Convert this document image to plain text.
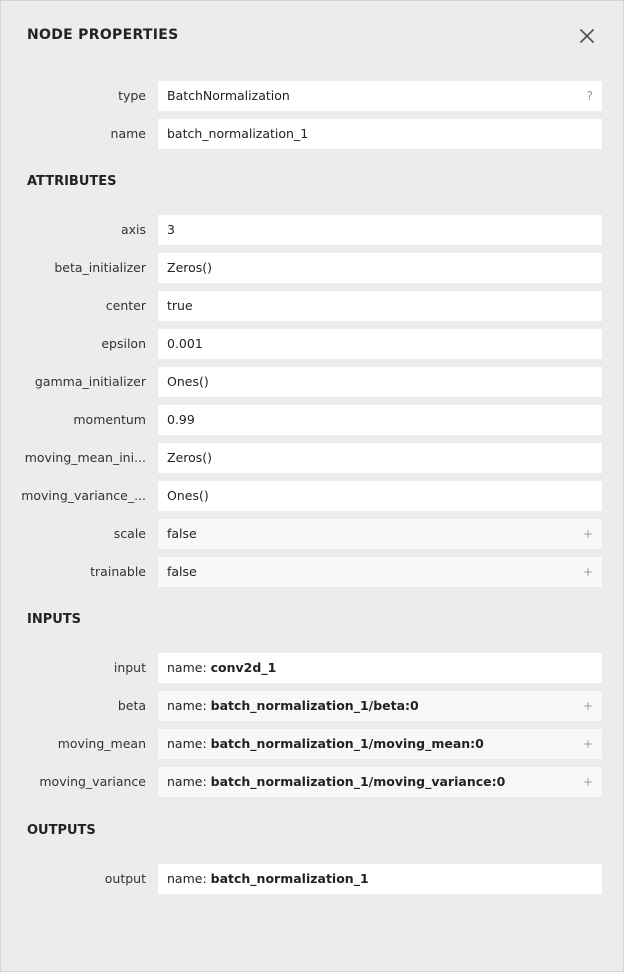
NODE PROPERTIES
type	BatchNormalization	?
name	batch_normalization_1
ATTRIBUTES
axis	3
beta_initializer	Zeros()
center	true
epsilon	0.001
gamma_initializer	Ones()
momentum	0.99
moving_mean_ini...	Zeros()
moving_variance_...	Ones()
scale	false	+
trainable	false	+
INPUTS
input	name: conv2d_1
beta	name: batch_normalization_1/beta:0	+
moving_mean	name: batch_normalization_1/moving_mean:0	+
moving_variance	name: batch_normalization_1/moving_variance:0	+
OUTPUTS
output	name: batch_normalization_1
